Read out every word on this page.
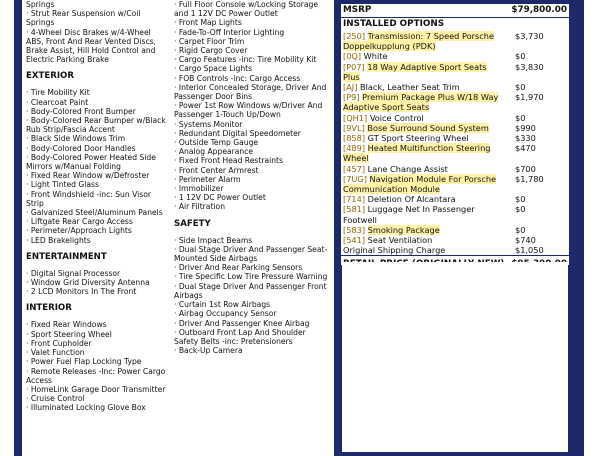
Springs
· Strut Rear Suspension w/Coil Springs
· 4-Wheel Disc Brakes w/4-Wheel ABS, Front And Rear Vented Discs, Brake Assist, Hill Hold Control and Electric Parking Brake
EXTERIOR
· Tire Mobility Kit
· Clearcoat Paint
· Body-Colored Front Bumper
· Body-Colored Rear Bumper w/Black Rub Strip/Fascia Accent
· Black Side Windows Trim
· Body-Colored Door Handles
· Body-Colored Power Heated Side Mirrors w/Manual Folding
· Fixed Rear Window w/Defroster
· Light Tinted Glass
· Front Windshield -inc: Sun Visor Strip
· Galvanized Steel/Aluminum Panels
· Liftgate Rear Cargo Access
· Perimeter/Approach Lights
· LED Brakelights
ENTERTAINMENT
· Digital Signal Processor
· Window Grid Diversity Antenna
· 2 LCD Monitors In The Front
INTERIOR
· Fixed Rear Windows
· Sport Steering Wheel
· Front Cupholder
· Valet Function
· Power Fuel Flap Locking Type
· Remote Releases -Inc: Power Cargo Access
· HomeLink Garage Door Transmitter
· Cruise Control
· Illuminated Locking Glove Box
· Full Floor Console w/Locking Storage and 1 12V DC Power Outlet
· Front Map Lights
· Fade-To-Off Interior Lighting
· Carpet Floor Trim
· Rigid Cargo Cover
· Cargo Features -inc: Tire Mobility Kit
· Cargo Space Lights
· FOB Controls -inc: Cargo Access
· Interior Concealed Storage, Driver And Passenger Door Bins
· Power 1st Row Windows w/Driver And Passenger 1-Touch Up/Down
· Systems Monitor
· Redundant Digital Speedometer
· Outside Temp Gauge
· Analog Appearance
· Fixed Front Head Restraints
· Front Center Armrest
· Perimeter Alarm
· Immobilizer
· 1 12V DC Power Outlet
· Air Filtration
SAFETY
· Side Impact Beams
· Dual Stage Driver And Passenger Seat-Mounted Side Airbags
· Driver And Rear Parking Sensors
· Tire Specific Low Tire Pressure Warning
· Dual Stage Driver And Passenger Front Airbags
· Curtain 1st Row Airbags
· Airbag Occupancy Sensor
· Driver And Passenger Knee Airbag
· Outboard Front Lap And Shoulder Safety Belts -inc: Pretensioners
· Back-Up Camera
MSRP	$79,800.00
INSTALLED OPTIONS
[250] Transmission: 7 Speed Porsche Doppelkupplung (PDK)
$3,730
[0Q] White	$0
[P07] 18 Way Adaptive Sport Seats Plus
$3,830
[AJ] Black, Leather Seat Trim	$0
[P9] Premium Package Plus W/18 Way Adaptive Sport Seats
$1,970
[QH1] Voice Control	$0
[9VL] Bose Surround Sound System	$990
[858] GT Sport Steering Wheel	$330
[489] Heated Multifunction Steering Wheel
$470
[457] Lane Change Assist	$700
[7UG] Navigation Module For Porsche Communication Module
$1,780
[714] Deletion Of Alcantara	$0
[581] Luggage Net In Passenger Footwell
$0
[583] Smoking Package	$0
[541] Seat Ventilation	$740
Original Shipping Charge	$1,050
